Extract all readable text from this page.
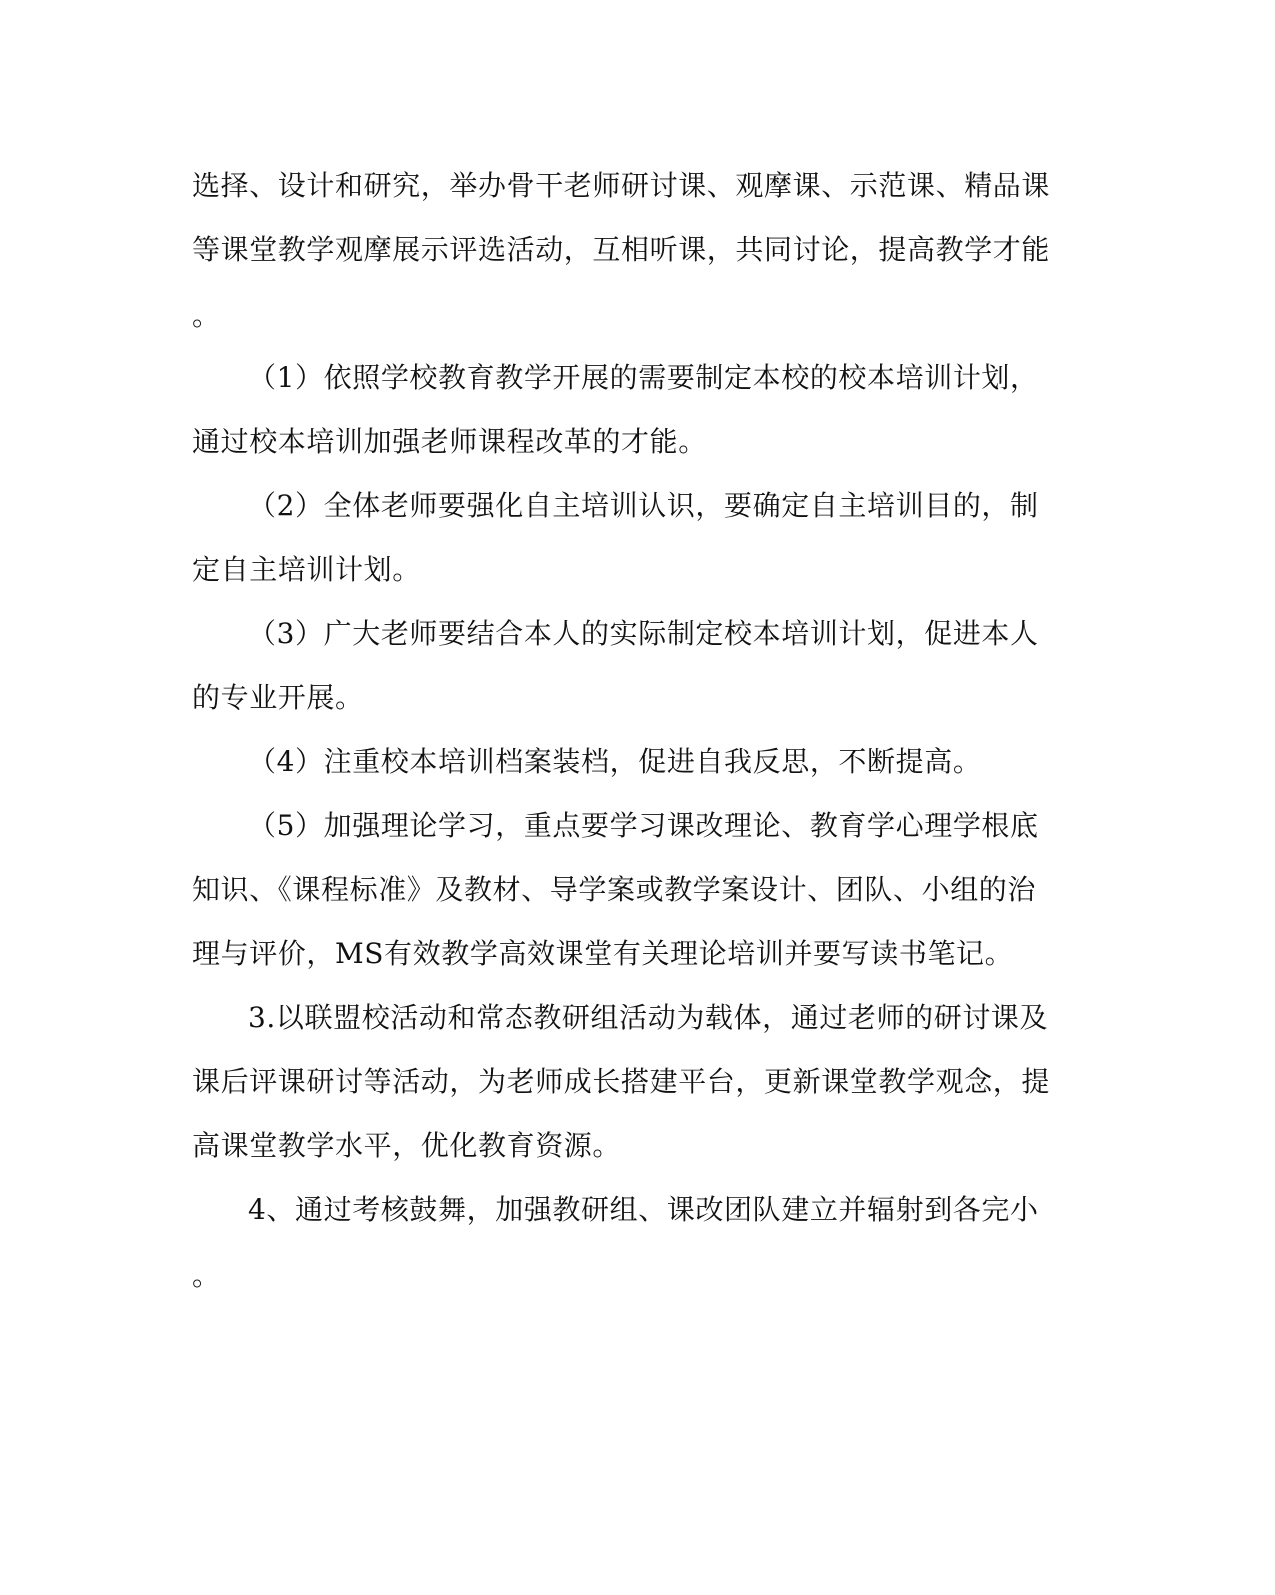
选择、设计和研究，举办骨干老师研讨课、观摩课、示范课、精品课
等课堂教学观摩展示评选活动，互相听课，共同讨论，提高教学才能
。
（1）依照学校教育教学开展的需要制定本校的校本培训计划，
通过校本培训加强老师课程改革的才能。
（2）全体老师要强化自主培训认识，要确定自主培训目的，制
定自主培训计划。
（3）广大老师要结合本人的实际制定校本培训计划，促进本人
的专业开展。
（4）注重校本培训档案装档，促进自我反思，不断提高。
（5）加强理论学习，重点要学习课改理论、教育学心理学根底
知识、《课程标准》及教材、导学案或教学案设计、团队、小组的治
理与评价，MS有效教学高效课堂有关理论培训并要写读书笔记。
3.以联盟校活动和常态教研组活动为载体，通过老师的研讨课及
课后评课研讨等活动，为老师成长搭建平台，更新课堂教学观念，提
高课堂教学水平，优化教育资源。
4、通过考核鼓舞，加强教研组、课改团队建立并辐射到各完小
。
